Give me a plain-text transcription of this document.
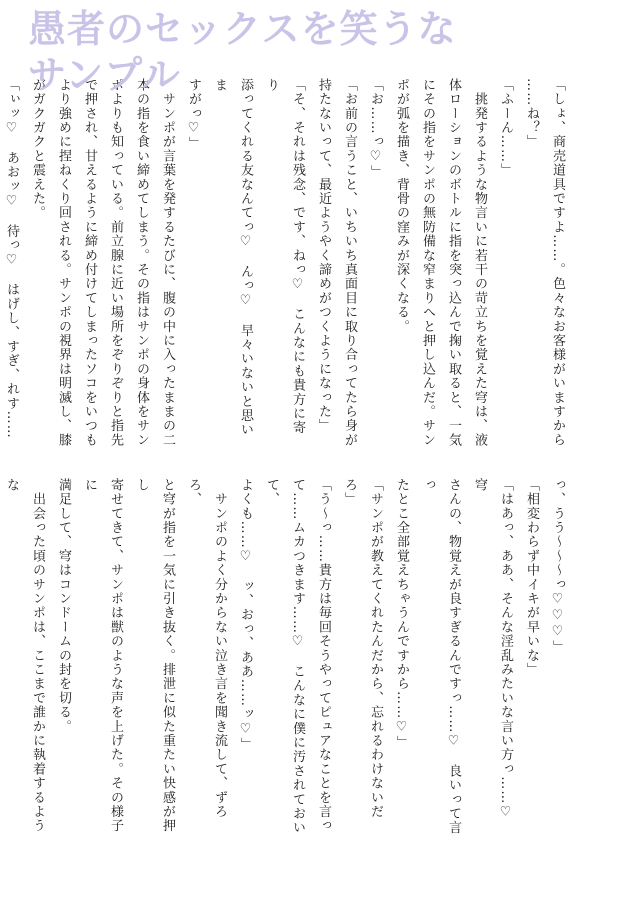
愚者のセックスを笑うな
サンプル

「しょ、商売道具ですよ……。色々なお客様がいますから

……ね？」

「ふーん……」

　挑発するような物言いに若干の苛立ちを覚えた穹は、液

体ローションのボトルに指を突っ込んで掬い取ると、一気

にその指をサンポの無防備な窄まりへと押し込んだ。サン

ポが弧を描き、背骨の窪みが深くなる。

「お……っ♡」

「お前の言うこと、いちいち真面目に取り合ってたら身が

持たないって、最近ようやく諦めがつくようになった」

「そ、それは残念、です、ねっ♡　こんなにも貴方に寄り

添ってくれる友なんてっ♡　んっ♡　早々いないと思いま

すがっ♡」

　サンポが言葉を発するたびに、腹の中に入ったままの二

本の指を食い締めてしまう。その指はサンポの身体をサン

ポよりも知っている。前立腺に近い場所をぞりぞりと指先

で押され、甘えるように締め付けてしまったソコをいつも

より強めに捏ねくり回される。サンポの視界は明滅し、膝

がガクガクと震えた。

「ぃッ♡　あおッ♡　待っ♡　はげし、すぎ、れす……

っ、うう〜〜〜っ♡♡♡」

「相変わらず中イキが早いな」

「はあっ、ああ、そんな淫乱みたいな言い方っ……♡　穹

さんの、物覚えが良すぎるんですっ……♡　良いって言っ

たとこ全部覚えちゃうんですから……♡」

「サンポが教えてくれたんだから、忘れるわけないだろ」

「う〜っ……貴方は毎回そうやってピュアなことを言っ

て……ムカつきます……♡　こんなに僕に汚されておいて、

よくも……♡　ッ、おっ、ああ……ッ♡」

　サンポのよく分からない泣き言を聞き流して、ずろろ、

と穹が指を一気に引き抜く。排泄に似た重たい快感が押し

寄せてきて、サンポは獣のような声を上げた。その様子に

満足して、穹はコンドームの封を切る。

　出会った頃のサンポは、ここまで誰かに執着するような
